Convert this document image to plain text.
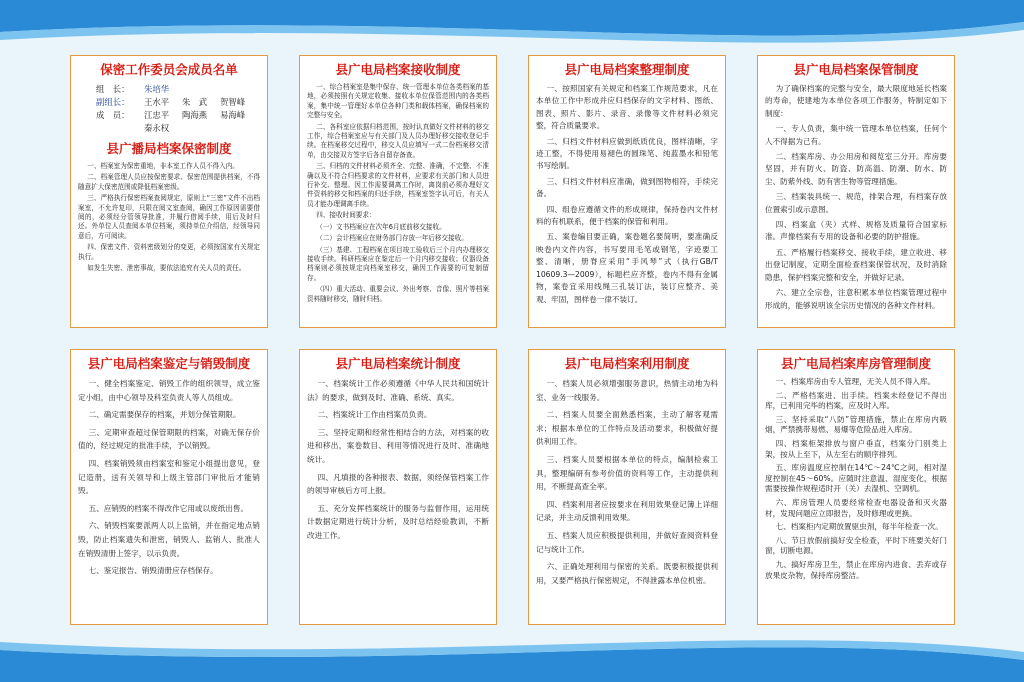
保密工作委员会成员名单
组　长： 朱培华
副组长： 王水平 朱　武 贺智峰
成　员： 江忠平 陶海燕 易海峰
秦永权
县广播局档案保密制度

一、档案室为保密重地，非本室工作人员不得入内。

二、档案管理人员应按保密要求、保密范围提供档案，不得随意扩大保密范围或降低档案密级。

三、严格执行保密档案查阅规定，原则上“三密”文件不出档案室，不允许复印，只限在阅文室查阅，确因工作原因需要借阅的，必须经分管领导批准，并履行借阅手续，用后及时归还。外单位人员查阅本单位档案，须持单位介绍信，经领导同意后，方可阅读。

四、保密文件、资料密级划分的变更，必须按国家有关规定执行。

如发生失密、泄密事故，要依法追究有关人员的责任。

县广电局档案接收制度

一、综合档案室是集中保存、统一管理本单位各类档案的基地，必须按照有关规定收集、接收本单位保管范围内的各类档案，集中统一管理好本单位各种门类和载体档案，确保档案的完整与安全。

二、各科室应依据归档范围，按时认真做好文件材料的移交工作，综合档案室应与有关部门及人员办理好移交接收登记手续。在档案移交过程中，移交人员应填写一式二份档案移交清单，由交接双方签字后各自留存备查。

三、归档的文件材料必须齐全、完整、准确，不完整、不准确以及不符合归档要求的文件材料，应要求有关部门和人员进行补交、整理。因工作需要调离工作时，离岗前必须办理好文件资料的移交和档案的归还手续，档案室签字认可后，有关人员才能办理调离手续。

四、接收时间要求：

（一）文书档案应在次年6月底前移交接收。

（二）会计档案应在财务部门存放一年后移交接收。

（三）基建、工程档案在项目竣工验收后三个月内办理移交接收手续。科研档案应在鉴定后一个月内移交接收；仪器设备档案则必须按规定向档案室移交，确因工作需要的可复制留存。

（四）重大活动、重要会议、外出考察、音像、照片等档案资料随时移交，随时归档。

县广电局档案整理制度

一、按照国家有关规定和档案工作规范要求，凡在本单位工作中形成并应归档保存的文字材料、图纸、图表、照片、影片、录音、录像等文件材料必须完整，符合质量要求。

二、归档文件材料应做到纸质优良，图样清晰，字迹工整，不得使用易褪色的圆珠笔、纯蓝墨水和铅笔书写绘制。

三、归档文件材料应准确，做到图物相符，手续完备。

四、组卷应遵循文件的形成规律，保持卷内文件材料的有机联系，便于档案的保管和利用。

五、案卷编目要正确，案卷题名要简明，要准确反映卷内文件内容，书写要用毛笔或钢笔，字迹要工整、清晰，册脊应采用“手风琴”式（执行GB/T 10609.3—2009），标题栏应齐整，卷内不得有金属物，案卷宜采用线绳三孔装订法，装订应整齐、美观、牢固，图样卷一律不装订。

县广电局档案保管制度

为了确保档案的完整与安全，最大限度地延长档案的寿命，使建地为本单位各项工作服务，特制定如下制度：

一、专人负责，集中统一管理本单位档案，任何个人不得据为己有。

二、档案库房、办公用房和阅览室三分开。库房要坚固，并有防火、防盗、防高温、防潮、防水、防尘、防紫外线、防有害生物等管理措施。

三、档案装具统一、规范，排架合理，有档案存放位置索引或示意图。

四、档案盒（夹）式样、规格及质量符合国家标准。声像档案有专用的设备和必要的防护措施。

五、严格履行档案移交、接收手续，建立收进、移出登记制度，定期全面检查档案保管状况，及时消除隐患，保护档案完整和安全，并做好记录。

六、建立全宗卷，注意积累本单位档案管理过程中形成的，能够说明该全宗历史情况的各种文件材料。

县广电局档案鉴定与销毁制度

一、健全档案鉴定、销毁工作的组织领导，成立鉴定小组，由中心领导及科室负责人等人员组成。

二、确定需要保存的档案，并划分保管期限。

三、定期审查超过保管期限的档案，对确无保存价值的，经过规定的批准手续，予以销毁。

四、档案销毁须由档案室和鉴定小组提出意见，登记造册，送有关领导和上级主管部门审批后才能销毁。

五、应销毁的档案不得改作它用或以废纸出售。

六、销毁档案要派两人以上监销，并在指定地点销毁，防止档案遗失和泄密，销毁人、监销人、批准人在销毁清册上签字，以示负责。

七、鉴定报告、销毁清册应存档保存。

县广电局档案统计制度

一、档案统计工作必须遵循《中华人民共和国统计法》的要求，做到及时、准确、系统、真实。

二、档案统计工作由档案员负责。

三、坚持定期和经常性相结合的方法，对档案的收进和移出，案卷数目、利用等情况进行及时、准确地统计。

四、凡填报的各种报表、数据，须经保管档案工作的领导审核后方可上报。

五、充分发挥档案统计的服务与监督作用，运用统计数据定期进行统计分析，及时总结经验教训，不断改进工作。

县广电局档案利用制度

一、档案人员必须增强服务意识，热情主动地为科室、业务一线服务。

二、档案人员要全面熟悉档案，主动了解客观需求；根据本单位的工作特点及活动要求，积极做好提供利用工作。

三、档案人员要根据本单位的特点，编制检索工具，整理编研有参考价值的资料等工作，主动提供利用，不断提高查全率。

四、档案利用者应按要求在利用效果登记簿上详细记录，并主动反馈利用效果。

五、档案人员应积极提供利用，并做好查阅资料登记与统计工作。

六、正确处理利用与保密的关系。既要积极提供利用，又要严格执行保密规定，不得泄露本单位机密。

县广电局档案库房管理制度

一、档案库房由专人管理，无关人员不得入库。

二、严格档案进、出手续。档案未经登记不得出库，已利用完毕的档案，应及时入库。

三、坚持采取“八防”管理措施，禁止在库房内吸烟，严禁携带易燃、易爆等危险品进入库房。

四、档案柜架排放与窗户垂直，档案分门别类上架，按从上至下，从左至右的顺序排列。

五、库房温度应控制在14℃～24℃之间，相对湿度控制在45～60%。应随时注意温、湿度变化，根据需要按操作规程适时开（关）去湿机、空调机。

六、库房管理人员要经常检查电器设备和灭火器材，发现问题应立即报告，及时修理或更换。

七、档案柜内定期放置驱虫剂，每半年检查一次。

八、节日放假前搞好安全检查，平时下班要关好门窗，切断电源。

九、搞好库房卫生，禁止在库房内进食、丢弃或存放果皮杂物，保持库房整洁。
